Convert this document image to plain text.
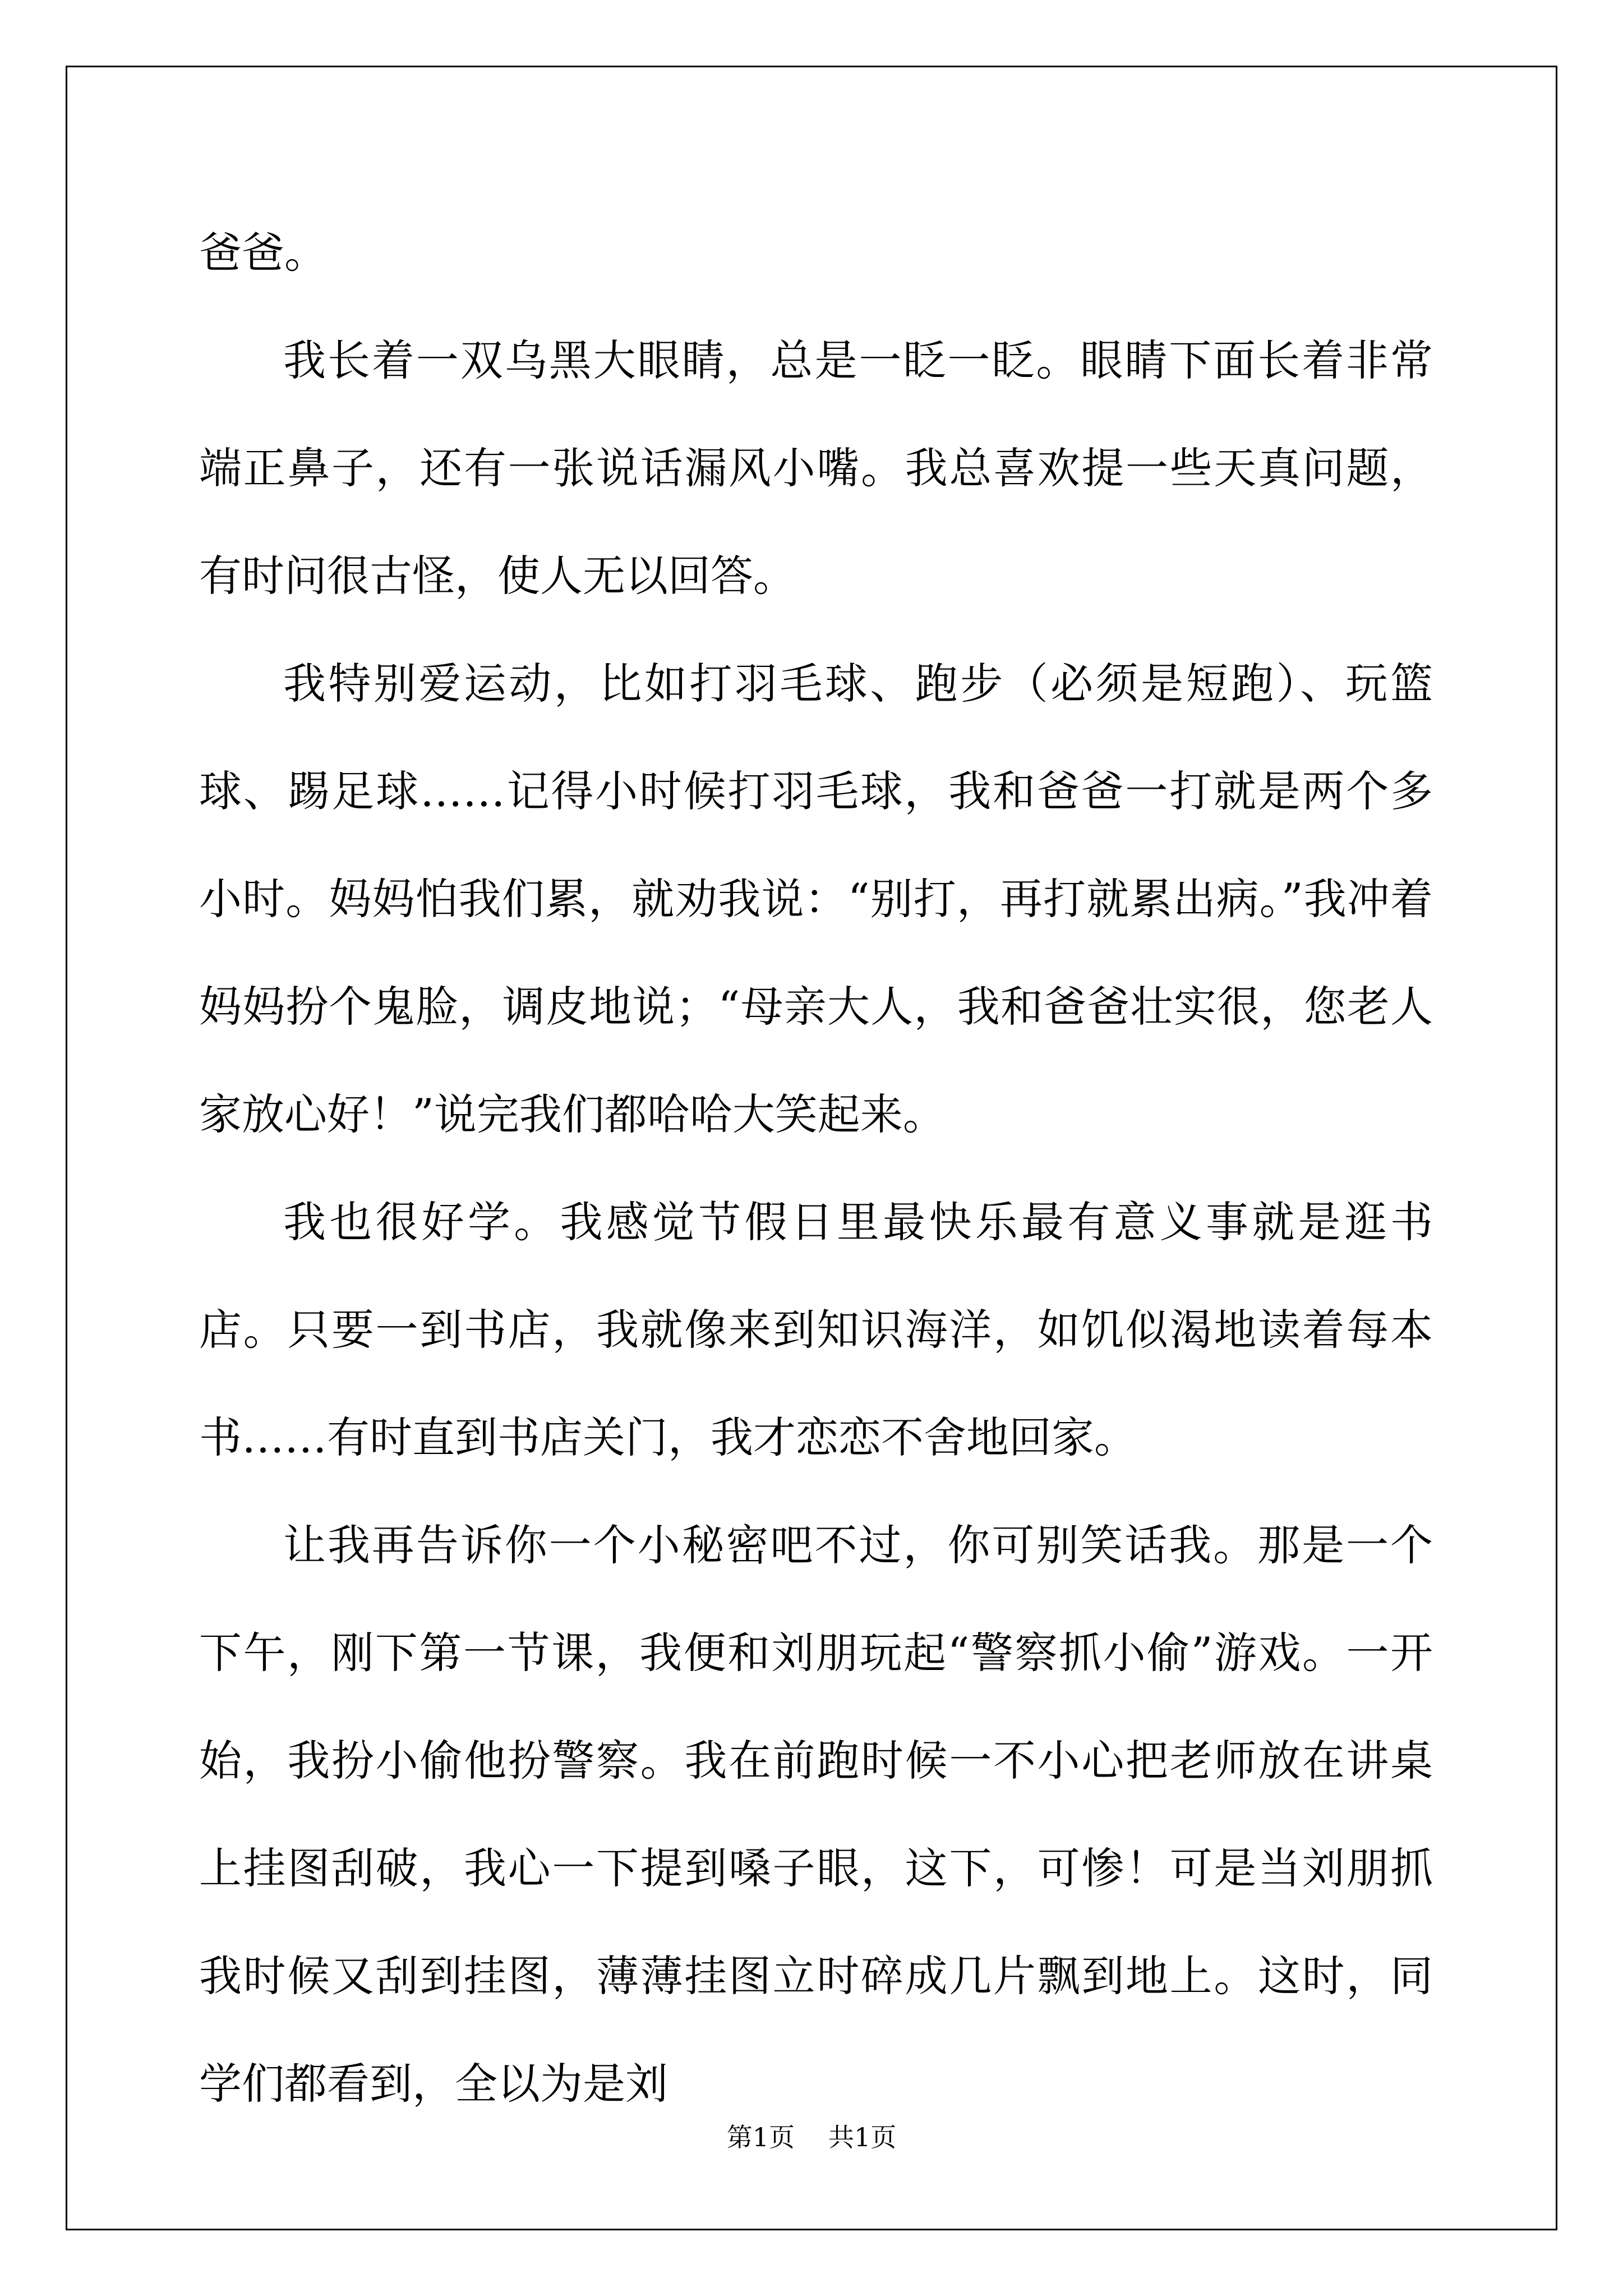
爸爸。

我长着一双乌黑大眼睛，总是一眨一眨。眼睛下面长着非常端正鼻子，还有一张说话漏风小嘴。我总喜欢提一些天真问题，有时问很古怪，使人无以回答。

我特别爱运动，比如打羽毛球、跑步（必须是短跑）、玩篮球、踢足球……记得小时候打羽毛球，我和爸爸一打就是两个多小时。妈妈怕我们累，就劝我说：“别打，再打就累出病。”我冲着妈妈扮个鬼脸，调皮地说；“母亲大人，我和爸爸壮实很，您老人家放心好！”说完我们都哈哈大笑起来。

我也很好学。我感觉节假日里最快乐最有意义事就是逛书店。只要一到书店，我就像来到知识海洋，如饥似渴地读着每本书……有时直到书店关门，我才恋恋不舍地回家。

让我再告诉你一个小秘密吧不过，你可别笑话我。那是一个下午，刚下第一节课，我便和刘朋玩起“警察抓小偷”游戏。一开始，我扮小偷他扮警察。我在前跑时候一不小心把老师放在讲桌上挂图刮破，我心一下提到嗓子眼，这下，可惨！可是当刘朋抓我时候又刮到挂图，薄薄挂图立时碎成几片飘到地上。这时，同学们都看到，全以为是刘

第1页 共1页
